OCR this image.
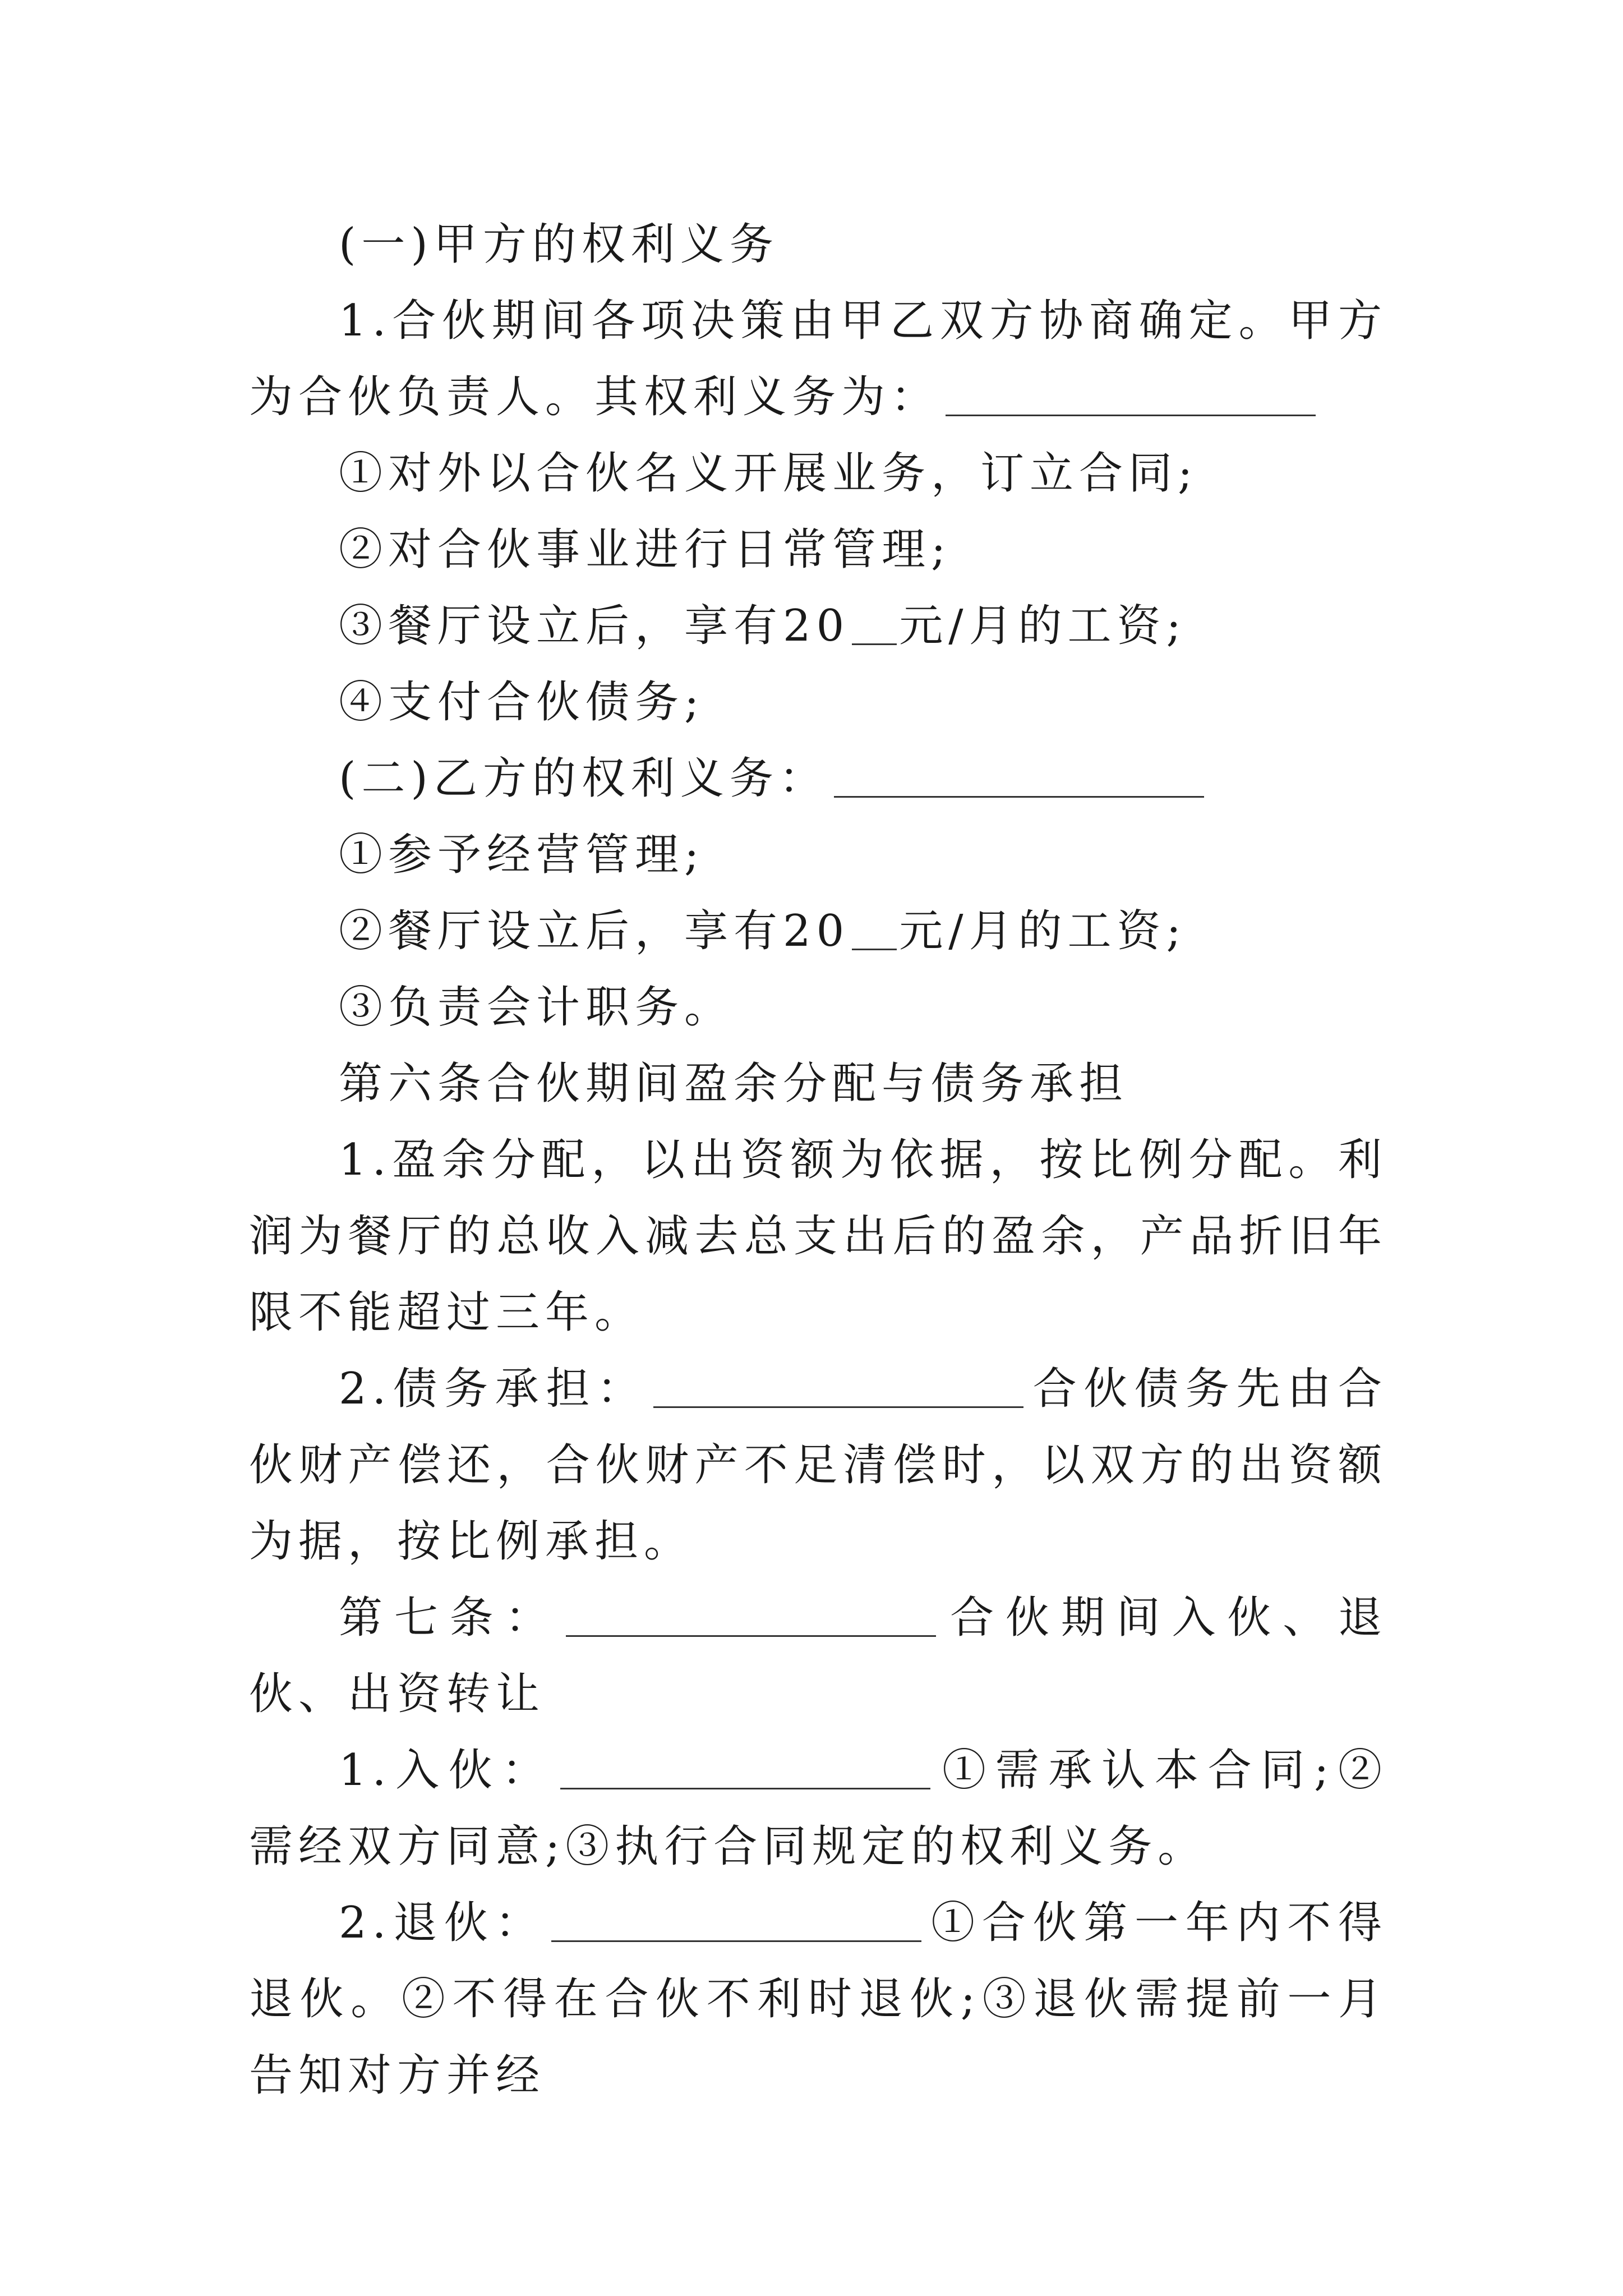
(一)甲方的权利义务

1.合伙期间各项决策由甲乙双方协商确定。甲方为合伙负责人。其权利义务为：

①对外以合伙名义开展业务，订立合同;

②对合伙事业进行日常管理;

③餐厅设立后，享有20 元/月的工资;

④支付合伙债务;

(二)乙方的权利义务：

①参予经营管理;

②餐厅设立后，享有20 元/月的工资;

③负责会计职务。

第六条合伙期间盈余分配与债务承担

1.盈余分配，以出资额为依据，按比例分配。利润为餐厅的总收入减去总支出后的盈余，产品折旧年限不能超过三年。

2.债务承担：	合伙债务先由合伙财产偿还，合伙财产不足清偿时，以双方的出资额为据，按比例承担。

第七条：	合伙期间入伙、退伙、出资转让

1.入伙：	①需承认本合同;②需经双方同意;③执行合同规定的权利义务。

2.退伙：	①合伙第一年内不得退伙。②不得在合伙不利时退伙;③退伙需提前一月告知对方并经
